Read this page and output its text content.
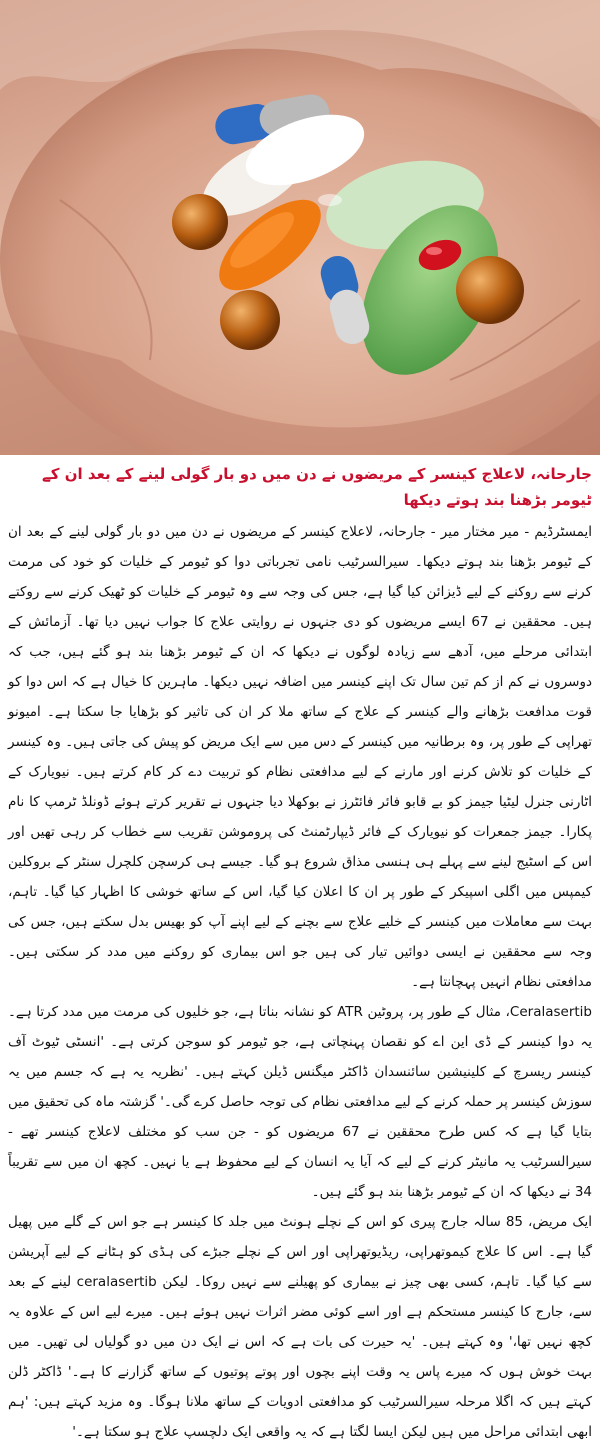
جارحانہ، لاعلاج کینسر کے مریضوں نے دن میں دو بار گولی لینے کے بعد ان کے ٹیومر بڑھنا بند ہوتے دیکھا

ایمسٹرڈیم - میر مختار میر - جارحانہ، لاعلاج کینسر کے مریضوں نے دن میں دو بار گولی لینے کے بعد ان کے ٹیومر بڑھنا بند ہوتے دیکھا۔ سیرالسرٹیب نامی تجرباتی دوا کو ٹیومر کے خلیات کو خود کی مرمت کرنے سے روکنے کے لیے ڈیزائن کیا گیا ہے، جس کی وجہ سے وہ ٹیومر کے خلیات کو ٹھیک کرنے سے روکتے ہیں۔ محققین نے 67 ایسے مریضوں کو دی جنہوں نے روایتی علاج کا جواب نہیں دیا تھا۔ آزمائش کے ابتدائی مرحلے میں، آدھے سے زیادہ لوگوں نے دیکھا کہ ان کے ٹیومر بڑھنا بند ہو گئے ہیں، جب کہ دوسروں نے کم از کم تین سال تک اپنے کینسر میں اضافہ نہیں دیکھا۔ ماہرین کا خیال ہے کہ اس دوا کو قوت مدافعت بڑھانے والے کینسر کے علاج کے ساتھ ملا کر ان کی تاثیر کو بڑھایا جا سکتا ہے۔ امیونو تھراپی کے طور پر، وہ برطانیہ میں کینسر کے دس میں سے ایک مریض کو پیش کی جاتی ہیں۔ وہ کینسر کے خلیات کو تلاش کرنے اور مارنے کے لیے مدافعتی نظام کو تربیت دے کر کام کرتے ہیں۔ نیویارک کے اٹارنی جنرل لیٹیا جیمز کو بے قابو فائر فائٹرز نے بوکھلا دیا جنہوں نے تقریر کرتے ہوئے ڈونلڈ ٹرمپ کا نام پکارا۔ جیمز جمعرات کو نیویارک کے فائر ڈیپارٹمنٹ کی پروموشن تقریب سے خطاب کر رہی تھیں اور اس کے اسٹیج لینے سے پہلے ہی ہنسی مذاق شروع ہو گیا۔ جیسے ہی کرسچن کلچرل سنٹر کے بروکلین کیمپس میں اگلی اسپیکر کے طور پر ان کا اعلان کیا گیا، اس کے ساتھ خوشی کا اظہار کیا گیا۔ تاہم، بہت سے معاملات میں کینسر کے خلیے علاج سے بچنے کے لیے اپنے آپ کو بھیس بدل سکتے ہیں، جس کی وجہ سے محققین نے ایسی دوائیں تیار کی ہیں جو اس بیماری کو روکنے میں مدد کر سکتی ہیں۔ مدافعتی نظام انہیں پہچانتا ہے۔

Ceralasertib، مثال کے طور پر، پروٹین ATR کو نشانہ بناتا ہے، جو خلیوں کی مرمت میں مدد کرتا ہے۔ یہ دوا کینسر کے ڈی این اے کو نقصان پہنچاتی ہے، جو ٹیومر کو سوجن کرتی ہے۔ 'انسٹی ٹیوٹ آف کینسر ریسرچ کے کلینیشین سائنسدان ڈاکٹر میگنس ڈیلن کہتے ہیں۔ 'نظریہ یہ ہے کہ جسم میں یہ سوزش کینسر پر حملہ کرنے کے لیے مدافعتی نظام کی توجہ حاصل کرے گی۔' گزشتہ ماہ کی تحقیق میں بتایا گیا ہے کہ کس طرح محققین نے 67 مریضوں کو - جن سب کو مختلف لاعلاج کینسر تھے - سیرالسرٹیب یہ مانیٹر کرنے کے لیے کہ آیا یہ انسان کے لیے محفوظ ہے یا نہیں۔ کچھ ان میں سے تقریباً 34 نے دیکھا کہ ان کے ٹیومر بڑھنا بند ہو گئے ہیں۔

ایک مریض، 85 سالہ جارج پیری کو اس کے نچلے ہونٹ میں جلد کا کینسر ہے جو اس کے گلے میں پھیل گیا ہے۔ اس کا علاج کیموتھراپی، ریڈیوتھراپی اور اس کے نچلے جبڑے کی ہڈی کو ہٹانے کے لیے آپریشن سے کیا گیا۔ تاہم، کسی بھی چیز نے بیماری کو پھیلنے سے نہیں روکا۔ لیکن ceralasertib لینے کے بعد سے، جارج کا کینسر مستحکم ہے اور اسے کوئی مضر اثرات نہیں ہوئے ہیں۔ میرے لیے اس کے علاوہ یہ کچھ نہیں تھا،' وہ کہتے ہیں۔ 'یہ حیرت کی بات ہے کہ اس نے ایک دن میں دو گولیاں لی تھیں۔ میں بہت خوش ہوں کہ میرے پاس یہ وقت اپنے بچوں اور پوتے پوتیوں کے ساتھ گزارنے کا ہے۔' ڈاکٹر ڈلن کہتے ہیں کہ اگلا مرحلہ سیرالسرٹیب کو مدافعتی ادویات کے ساتھ ملانا ہوگا۔ وہ مزید کہتے ہیں: 'ہم ابھی ابتدائی مراحل میں ہیں لیکن ایسا لگتا ہے کہ یہ واقعی ایک دلچسپ علاج ہو سکتا ہے۔'
